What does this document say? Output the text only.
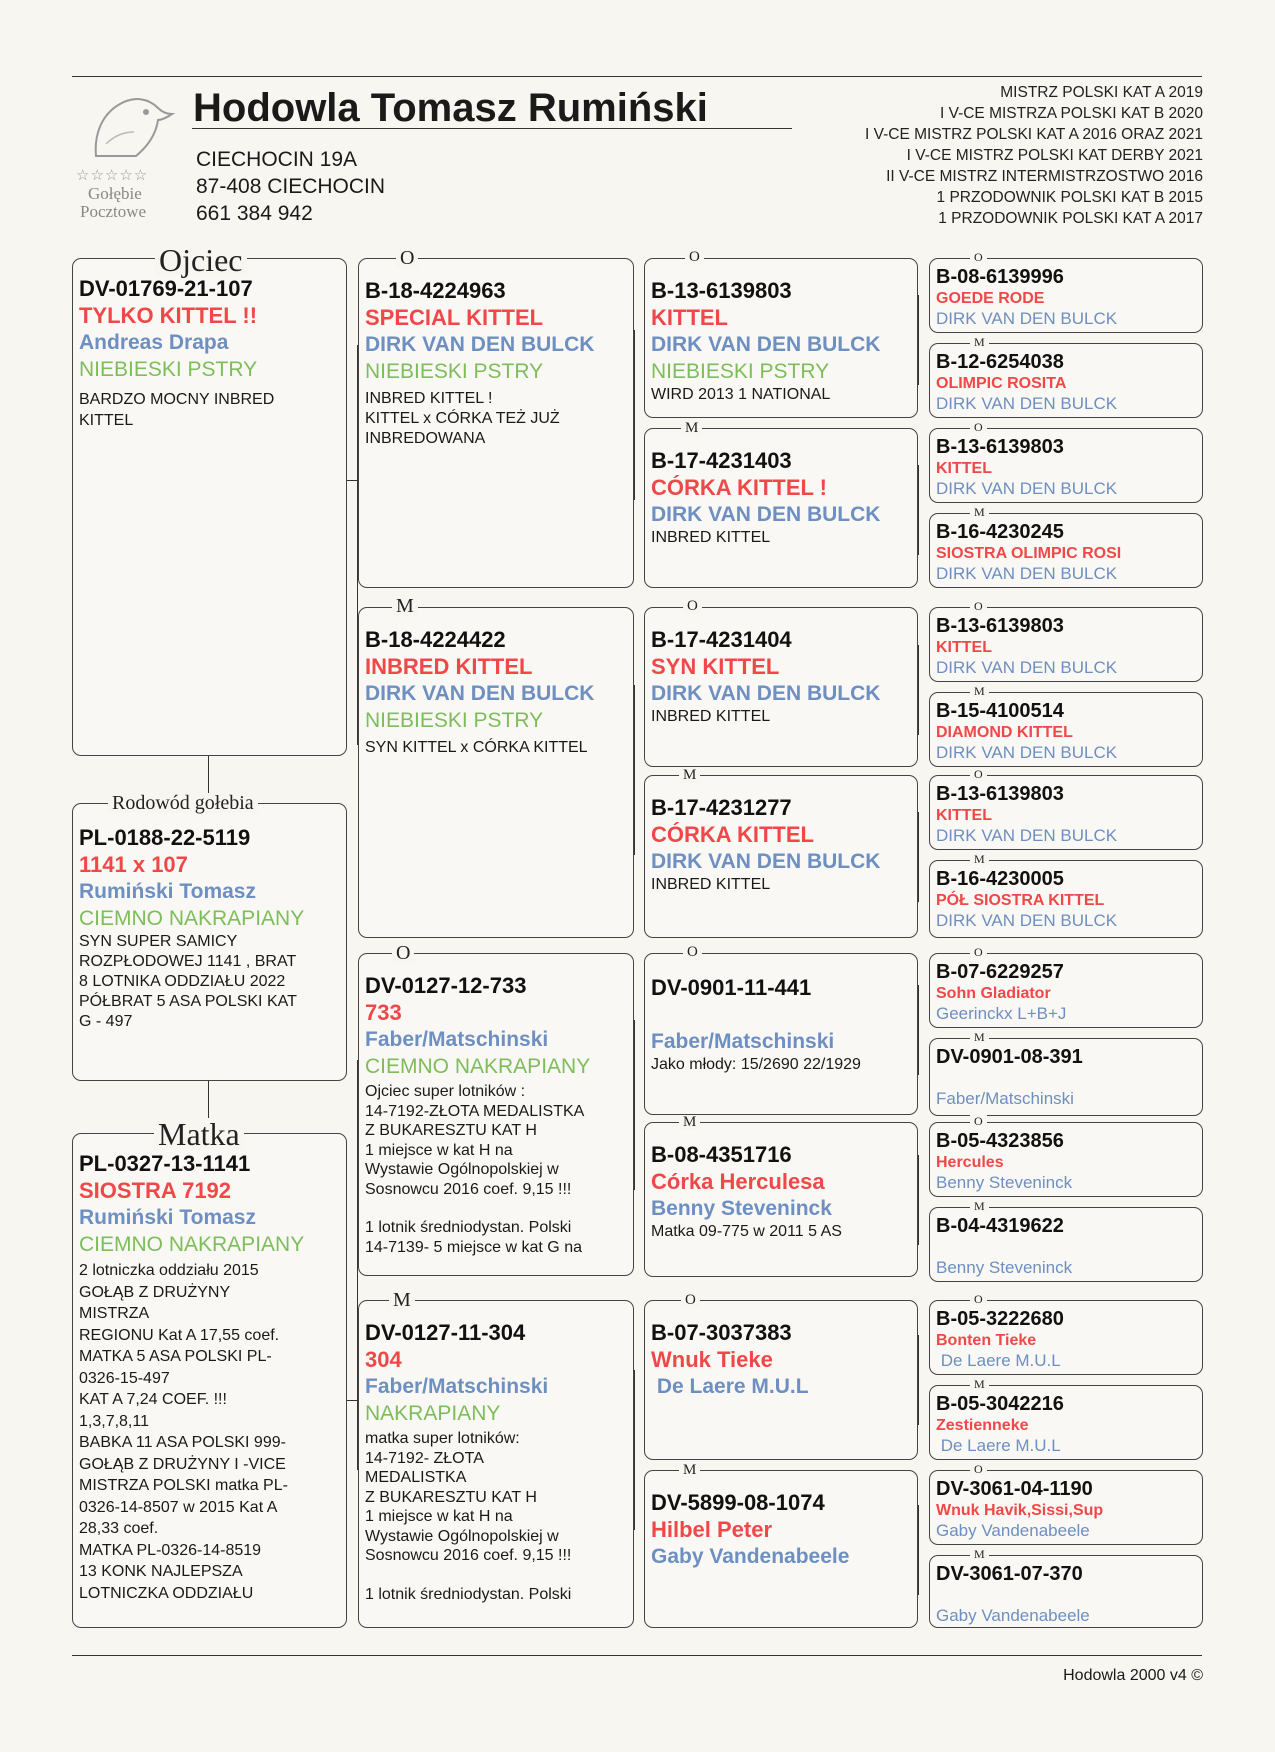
☆☆☆☆☆
Gołębie
Pocztowe
Hodowla Tomasz Rumiński
CIECHOCIN 19A
87-408 CIECHOCIN
661 384 942
MISTRZ POLSKI KAT A 2019
I V-CE MISTRZA POLSKI KAT B 2020
I V-CE MISTRZ POLSKI KAT A 2016 ORAZ 2021
I V-CE MISTRZ POLSKI KAT DERBY 2021
II V-CE MISTRZ INTERMISTRZOSTWO 2016
1 PRZODOWNIK POLSKI KAT B 2015
1 PRZODOWNIK POLSKI KAT A 2017
DV-01769-21-107
TYLKO KITTEL !!
Andreas Drapa
NIEBIESKI PSTRY
BARDZO MOCNY INBRED
KITTEL
Ojciec
PL-0188-22-5119
1141 x 107
Rumiński Tomasz
CIEMNO NAKRAPIANY
SYN SUPER SAMICY
ROZPŁODOWEJ 1141 , BRAT
8 LOTNIKA ODDZIAŁU 2022
PÓŁBRAT 5 ASA POLSKI KAT
G - 497
Rodowód gołebia
PL-0327-13-1141
SIOSTRA 7192
Rumiński Tomasz
CIEMNO NAKRAPIANY
2 lotniczka oddziału 2015
GOŁĄB Z DRUŻYNY
MISTRZA
REGIONU Kat A 17,55 coef.
MATKA 5 ASA POLSKI PL-
0326-15-497
KAT A 7,24 COEF. !!!
1,3,7,8,11
BABKA 11 ASA POLSKI 999-
GOŁĄB Z DRUŻYNY I -VICE
MISTRZA POLSKI matka PL-
0326-14-8507 w 2015 Kat A
28,33 coef.
MATKA PL-0326-14-8519
13 KONK NAJLEPSZA
LOTNICZKA ODDZIAŁU
Matka
B-18-4224963
SPECIAL KITTEL
DIRK VAN DEN BULCK
NIEBIESKI PSTRY
INBRED KITTEL !
KITTEL x CÓRKA TEŻ JUŻ
INBREDOWANA
O
B-18-4224422
INBRED KITTEL
DIRK VAN DEN BULCK
NIEBIESKI PSTRY
SYN KITTEL x CÓRKA KITTEL
M
DV-0127-12-733
733
Faber/Matschinski
CIEMNO NAKRAPIANY
Ojciec super lotników :
14-7192-ZŁOTA MEDALISTKA
Z BUKARESZTU KAT H
1 miejsce w kat H na
Wystawie Ogólnopolskiej w
Sosnowcu 2016 coef. 9,15 !!!
1 lotnik średniodystan. Polski
14-7139- 5 miejsce w kat G na
O
DV-0127-11-304
304
Faber/Matschinski
NAKRAPIANY
matka super lotników:
14-7192- ZŁOTA
MEDALISTKA
Z BUKARESZTU KAT H
1 miejsce w kat H na
Wystawie Ogólnopolskiej w
Sosnowcu 2016 coef. 9,15 !!!
1 lotnik średniodystan. Polski
M
B-13-6139803
KITTEL
DIRK VAN DEN BULCK
NIEBIESKI PSTRY
WIRD 2013 1 NATIONAL
O
B-17-4231403
CÓRKA KITTEL !
DIRK VAN DEN BULCK
INBRED KITTEL
M
B-17-4231404
SYN KITTEL
DIRK VAN DEN BULCK
INBRED KITTEL
O
B-17-4231277
CÓRKA KITTEL
DIRK VAN DEN BULCK
INBRED KITTEL
M
DV-0901-11-441
Faber/Matschinski
Jako młody: 15/2690 22/1929
O
B-08-4351716
Córka Herculesa
Benny Steveninck
Matka 09-775 w 2011 5 AS
M
B-07-3037383
Wnuk Tieke
De Laere M.U.L
O
DV-5899-08-1074
Hilbel Peter
Gaby Vandenabeele
M
B-08-6139996
GOEDE RODE
DIRK VAN DEN BULCK
O
B-12-6254038
OLIMPIC ROSITA
DIRK VAN DEN BULCK
M
B-13-6139803
KITTEL
DIRK VAN DEN BULCK
O
B-16-4230245
SIOSTRA OLIMPIC ROSI
DIRK VAN DEN BULCK
M
B-13-6139803
KITTEL
DIRK VAN DEN BULCK
O
B-15-4100514
DIAMOND KITTEL
DIRK VAN DEN BULCK
M
B-13-6139803
KITTEL
DIRK VAN DEN BULCK
O
B-16-4230005
PÓŁ SIOSTRA KITTEL
DIRK VAN DEN BULCK
M
B-07-6229257
Sohn Gladiator
Geerinckx L+B+J
O
DV-0901-08-391
Faber/Matschinski
M
B-05-4323856
Hercules
Benny Steveninck
O
B-04-4319622
Benny Steveninck
M
B-05-3222680
Bonten Tieke
De Laere M.U.L
O
B-05-3042216
Zestienneke
De Laere M.U.L
M
DV-3061-04-1190
Wnuk Havik,Sissi,Sup
Gaby Vandenabeele
O
DV-3061-07-370
Gaby Vandenabeele
M
Hodowla 2000 v4 ©
